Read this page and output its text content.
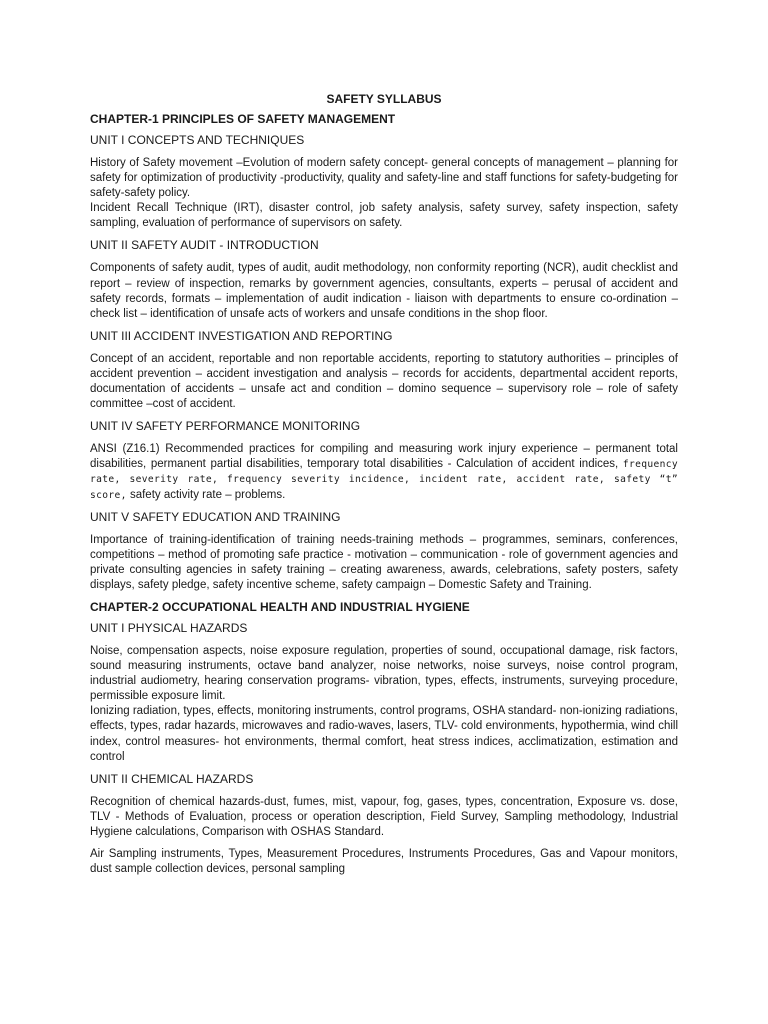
SAFETY SYLLABUS
CHAPTER-1 PRINCIPLES OF SAFETY MANAGEMENT
UNIT I CONCEPTS AND TECHNIQUES
History of Safety movement –Evolution of modern safety concept- general concepts of management – planning for safety for optimization of productivity -productivity, quality and safety-line and staff functions for safety-budgeting for safety-safety policy.
Incident Recall Technique (IRT), disaster control, job safety analysis, safety survey, safety inspection, safety sampling, evaluation of performance of supervisors on safety.
UNIT II SAFETY AUDIT - INTRODUCTION
Components of safety audit, types of audit, audit methodology, non conformity reporting (NCR), audit checklist and report – review of inspection, remarks by government agencies, consultants, experts – perusal of accident and safety records, formats – implementation of audit indication - liaison with departments to ensure co-ordination – check list – identification of unsafe acts of workers and unsafe conditions in the shop floor.
UNIT III ACCIDENT INVESTIGATION AND REPORTING
Concept of an accident, reportable and non reportable accidents, reporting to statutory authorities – principles of accident prevention – accident investigation and analysis – records for accidents, departmental accident reports, documentation of accidents – unsafe act and condition – domino sequence – supervisory role – role of safety committee –cost of accident.
UNIT IV SAFETY PERFORMANCE MONITORING
ANSI (Z16.1) Recommended practices for compiling and measuring work injury experience – permanent total disabilities, permanent partial disabilities, temporary total disabilities - Calculation of accident indices, frequency rate, severity rate, frequency severity incidence, incident rate, accident rate, safety “t” score, safety activity rate – problems.
UNIT V SAFETY EDUCATION AND TRAINING
Importance of training-identification of training needs-training methods – programmes, seminars, conferences, competitions – method of promoting safe practice - motivation – communication - role of government agencies and private consulting agencies in safety training – creating awareness, awards, celebrations, safety posters, safety displays, safety pledge, safety incentive scheme, safety campaign – Domestic Safety and Training.
CHAPTER-2 OCCUPATIONAL HEALTH AND INDUSTRIAL HYGIENE
UNIT I PHYSICAL HAZARDS
Noise, compensation aspects, noise exposure regulation, properties of sound, occupational damage, risk factors, sound measuring instruments, octave band analyzer, noise networks, noise surveys, noise control program, industrial audiometry, hearing conservation programs- vibration, types, effects, instruments, surveying procedure, permissible exposure limit.
Ionizing radiation, types, effects, monitoring instruments, control programs, OSHA standard- non-ionizing radiations, effects, types, radar hazards, microwaves and radio-waves, lasers, TLV- cold environments, hypothermia, wind chill index, control measures- hot environments, thermal comfort, heat stress indices, acclimatization, estimation and control
UNIT II CHEMICAL HAZARDS
Recognition of chemical hazards-dust, fumes, mist, vapour, fog, gases, types, concentration, Exposure vs. dose, TLV - Methods of Evaluation, process or operation description, Field Survey, Sampling methodology, Industrial Hygiene calculations, Comparison with OSHAS Standard.
Air Sampling instruments, Types, Measurement Procedures, Instruments Procedures, Gas and Vapour monitors, dust sample collection devices, personal sampling
